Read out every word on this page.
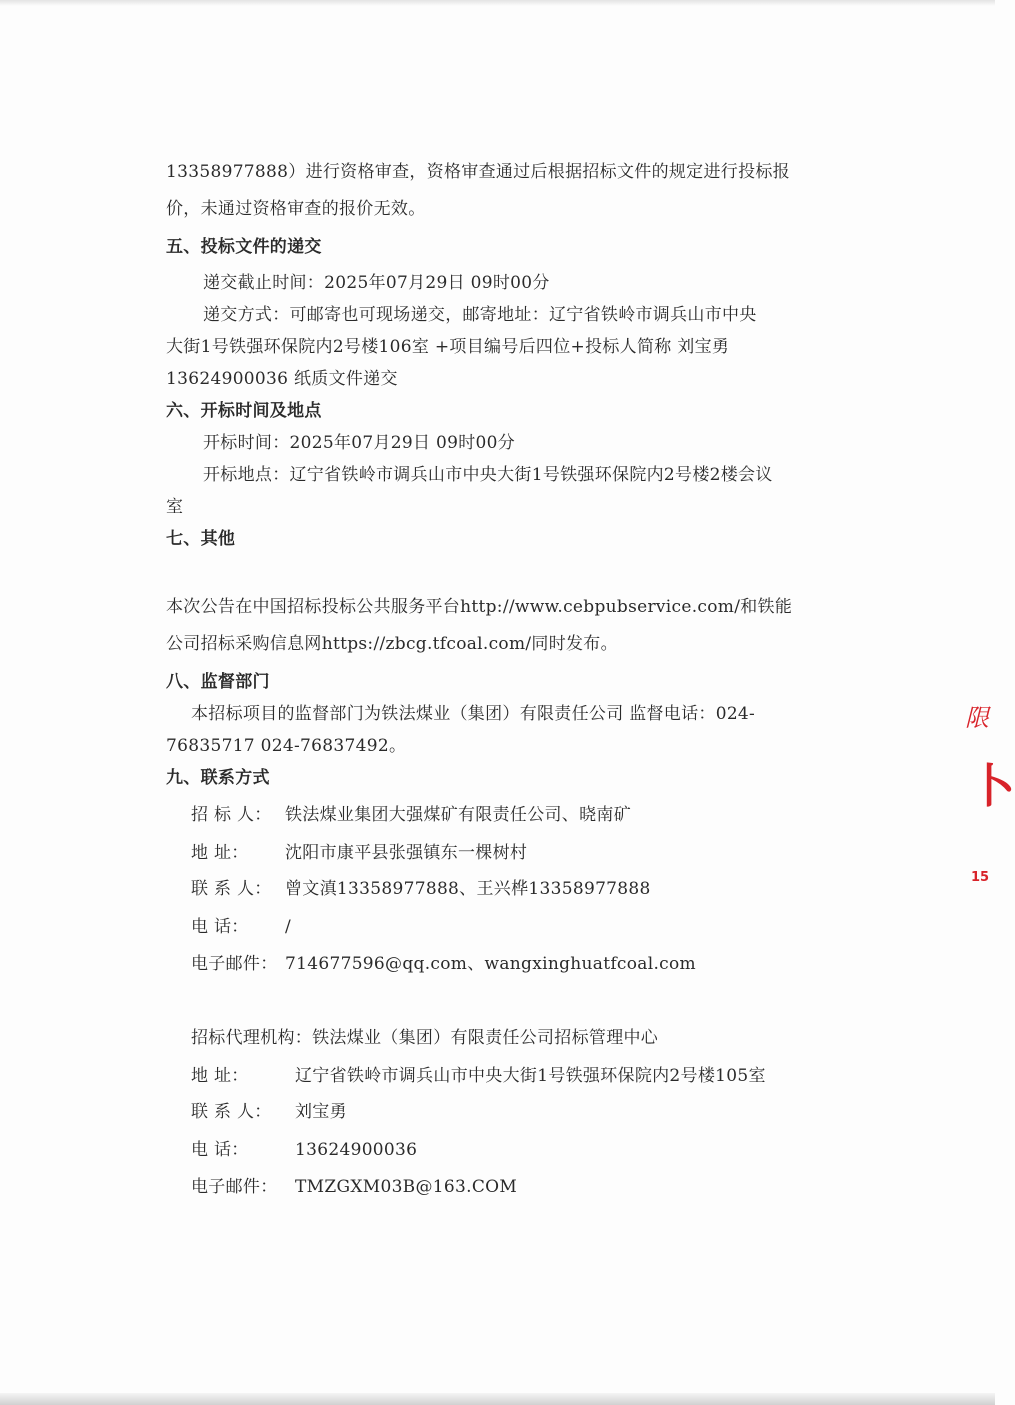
13358977888）进行资格审查，资格审查通过后根据招标文件的规定进行投标报
价，未通过资格审查的报价无效。
五、投标文件的递交
递交截止时间：2025年07月29日 09时00分
递交方式：可邮寄也可现场递交，邮寄地址：辽宁省铁岭市调兵山市中央
大街1号铁强环保院内2号楼106室 +项目编号后四位+投标人简称 刘宝勇
13624900036 纸质文件递交
六、开标时间及地点
开标时间：2025年07月29日 09时00分
开标地点：辽宁省铁岭市调兵山市中央大街1号铁强环保院内2号楼2楼会议
室
七、其他
本次公告在中国招标投标公共服务平台http://www.cebpubservice.com/和铁能
公司招标采购信息网https://zbcg.tfcoal.com/同时发布。
八、监督部门
本招标项目的监督部门为铁法煤业（集团）有限责任公司 监督电话：024-
76835717 024-76837492。
九、联系方式
招 标 人： 铁法煤业集团大强煤矿有限责任公司、晓南矿
地 址： 沈阳市康平县张强镇东一棵树村
联 系 人： 曾文滇13358977888、王兴桦13358977888
电 话： /
电子邮件： 714677596@qq.com、wangxinghuatfcoal.com
招标代理机构：铁法煤业（集团）有限责任公司招标管理中心
地 址：	辽宁省铁岭市调兵山市中央大街1号铁强环保院内2号楼105室
联 系 人： 刘宝勇
电 话：	13624900036
电子邮件： TMZGXM03B@163.COM
限
卜
15
